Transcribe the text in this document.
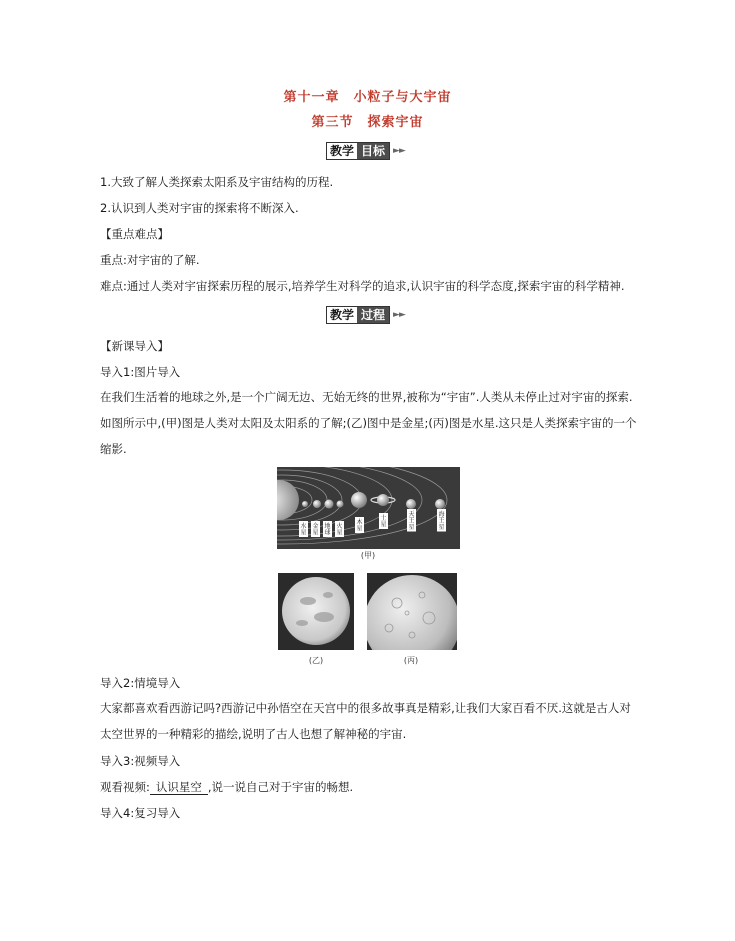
第十一章　小粒子与大宇宙
第三节　探索宇宙
教学 目标 ►►
1.大致了解人类探索太阳系及宇宙结构的历程.
2.认识到人类对宇宙的探索将不断深入.
【重点难点】
重点:对宇宙的了解.
难点:通过人类对宇宙探索历程的展示,培养学生对科学的追求,认识宇宙的科学态度,探索宇宙的科学精神.
教学 过程 ►►
【新课导入】
导入1:图片导入
在我们生活着的地球之外,是一个广阔无边、无始无终的世界,被称为“宇宙”.人类从未停止过对宇宙的探索.如图所示中,(甲)图是人类对太阳及太阳系的了解;(乙)图中是金星;(丙)图是水星.这只是人类探索宇宙的一个缩影.
水
星
金
星
地
球
火
星
木
星
土
星
天
王
星
海
王
星
(甲)
(乙)	(丙)
导入2:情境导入
大家都喜欢看西游记吗?西游记中孙悟空在天宫中的很多故事真是精彩,让我们大家百看不厌.这就是古人对太空世界的一种精彩的描绘,说明了古人也想了解神秘的宇宙.
导入3:视频导入
观看视频: 认识星空 ,说一说自己对于宇宙的畅想.
导入4:复习导入
